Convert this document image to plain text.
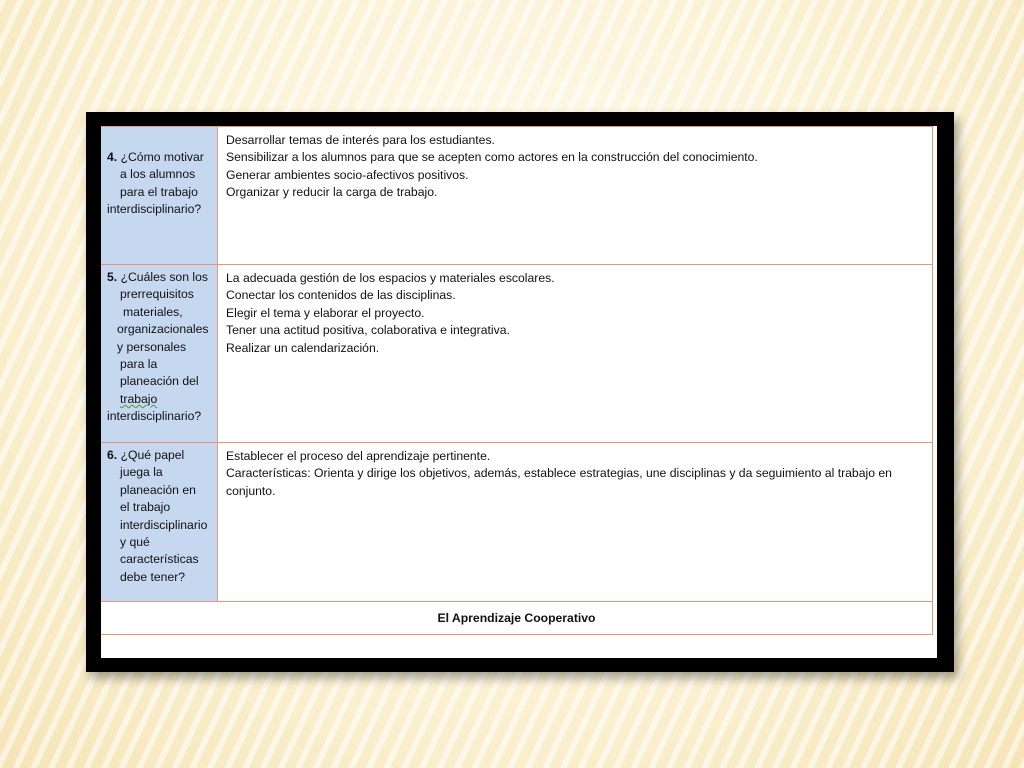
4. ¿Cómo motivar
a los alumnos
para el trabajo
interdisciplinario?
Desarrollar temas de interés para los estudiantes.
Sensibilizar a los alumnos para que se acepten como actores en la construcción del conocimiento.
Generar ambientes socio-afectivos positivos.
Organizar y reducir la carga de trabajo.
5. ¿Cuáles son los
prerrequisitos
materiales,
organizacionales
y personales
para la
planeación del
trabajo
interdisciplinario?
La adecuada gestión de los espacios y materiales escolares.
Conectar los contenidos de las disciplinas.
Elegir el tema y elaborar el proyecto.
Tener una actitud positiva, colaborativa e integrativa.
Realizar un calendarización.
6. ¿Qué papel
juega la
planeación en
el trabajo
interdisciplinario
y qué
características
debe tener?
Establecer el proceso del aprendizaje pertinente.
Características: Orienta y dirige los objetivos, además, establece estrategias, une disciplinas y da seguimiento al trabajo en conjunto.
El Aprendizaje Cooperativo
